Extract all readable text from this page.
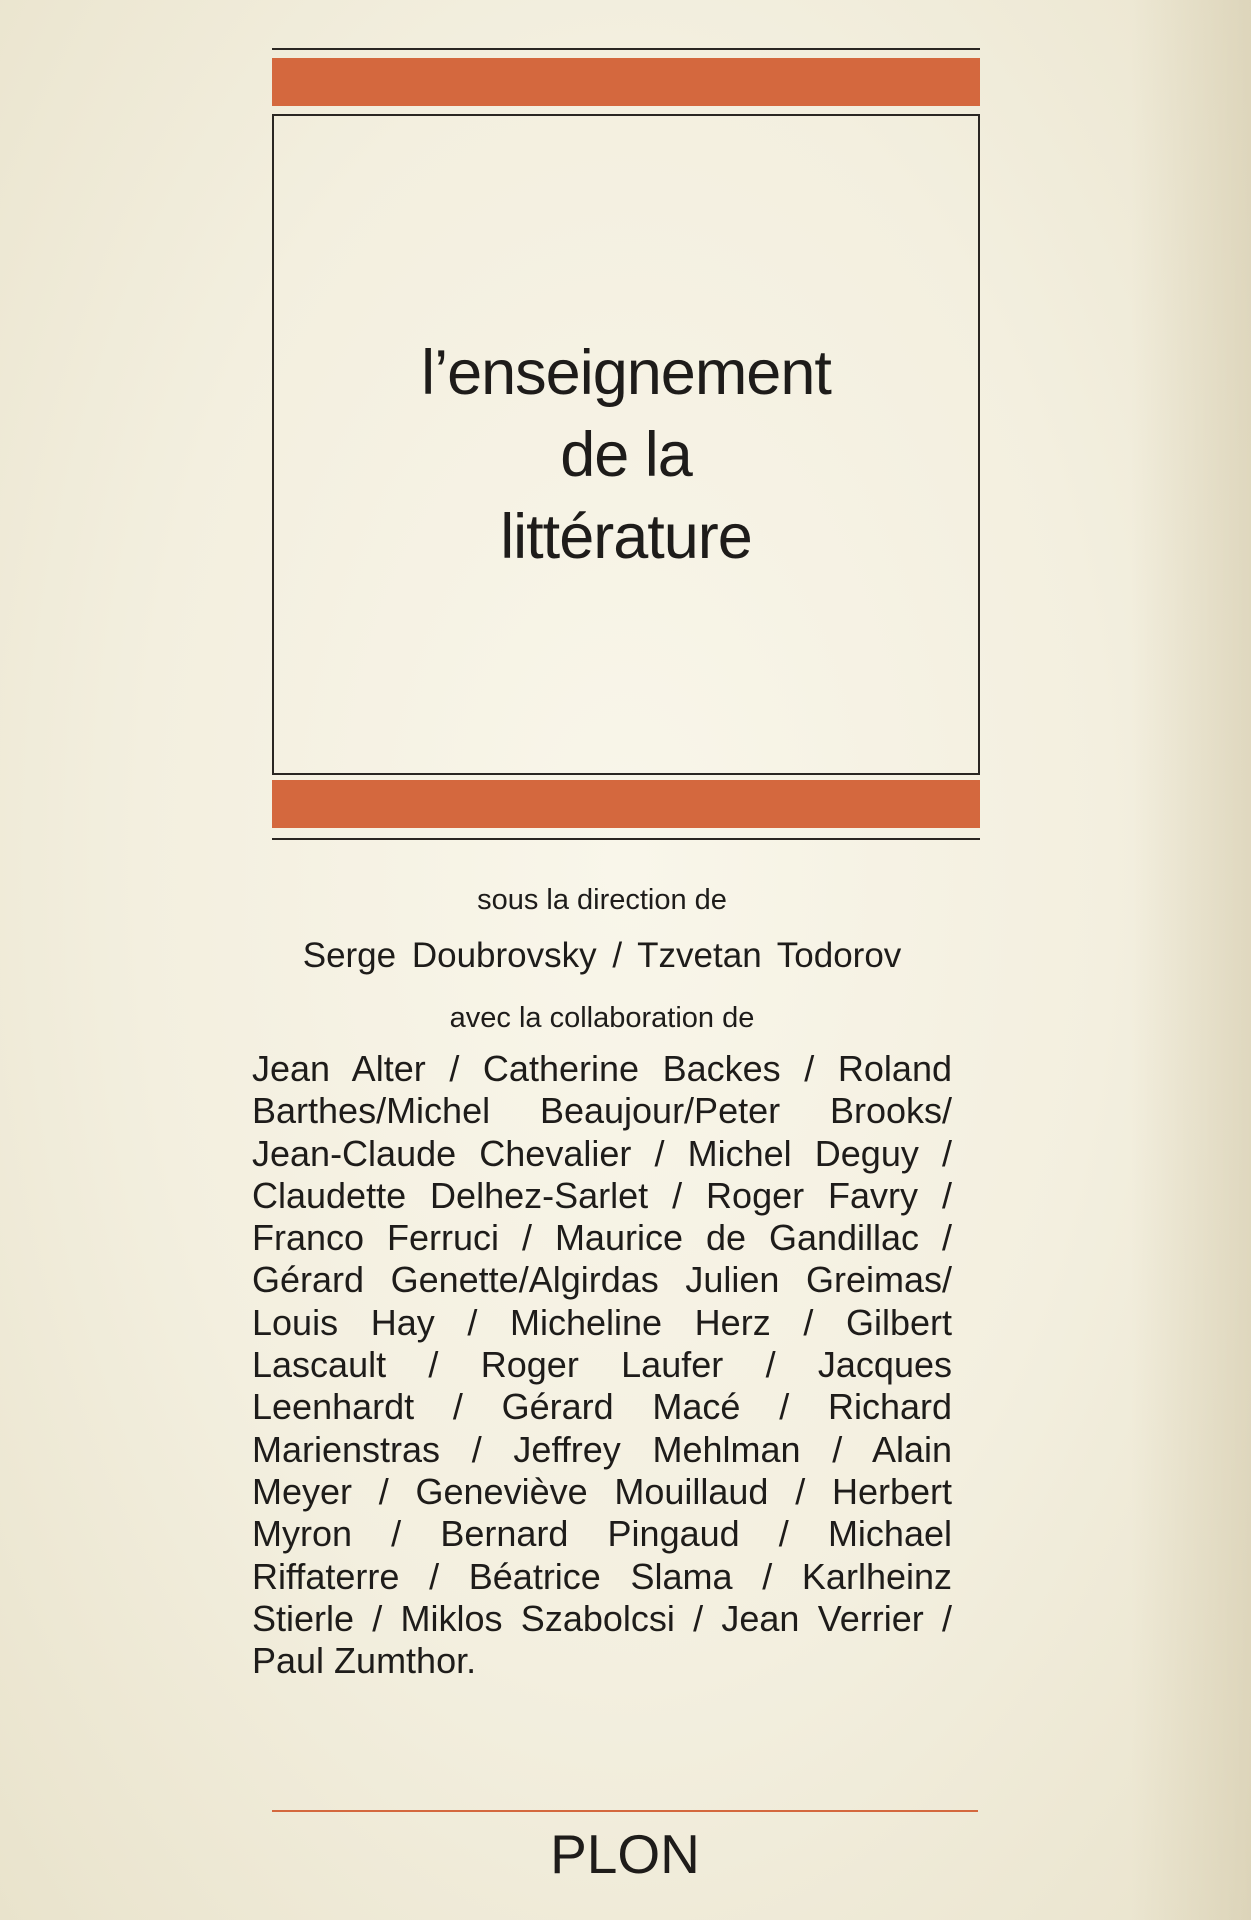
l’enseignement
de la
littérature

sous la direction de

Serge Doubrovsky / Tzvetan Todorov

avec la collaboration de

Jean Alter / Catherine Backes / Roland
Barthes/Michel Beaujour/Peter Brooks/
Jean-Claude Chevalier / Michel Deguy /
Claudette Delhez-Sarlet / Roger Favry /
Franco Ferruci / Maurice de Gandillac /
Gérard Genette/Algirdas Julien Greimas/
Louis Hay / Micheline Herz / Gilbert
Lascault / Roger Laufer / Jacques
Leenhardt / Gérard Macé / Richard
Marienstras / Jeffrey Mehlman / Alain
Meyer / Geneviève Mouillaud / Herbert
Myron / Bernard Pingaud / Michael
Riffaterre / Béatrice Slama / Karlheinz
Stierle / Miklos Szabolcsi / Jean Verrier /
Paul Zumthor.

PLON
